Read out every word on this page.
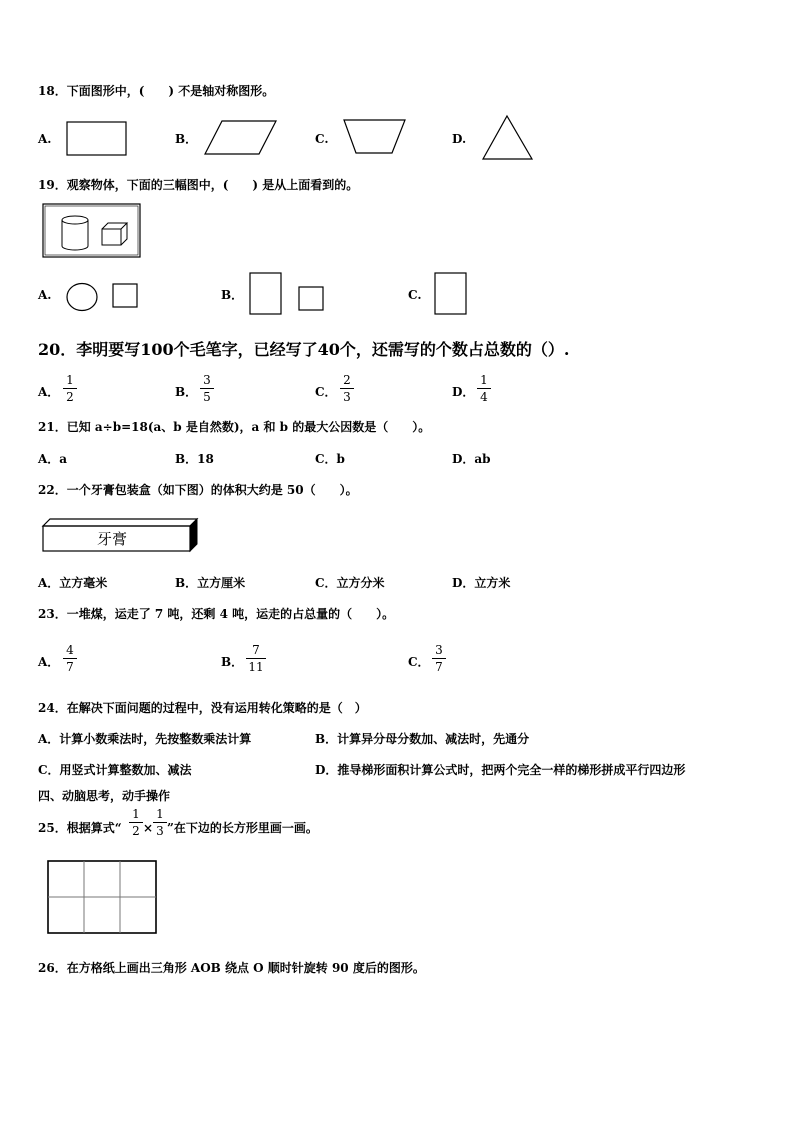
18．下面图形中，(　　) 不是轴对称图形。
A.	B．	C.	D.
19．观察物体，下面的三幅图中，(　　) 是从上面看到的。
A.	B．	C.
20．李明要写100个毛笔字，已经写了40个，还需写的个数占总数的（）.
A．
1
2	B．
3
5	C．
2
3	D．
1
4
21．已知 a÷b=18(a、b 是自然数)，a 和 b 的最大公因数是（　　）。
A．a	B．18	C．b	D．ab
22．一个牙膏包装盒（如下图）的体积大约是 50（　　）。
牙膏
A．立方毫米	B．立方厘米	C．立方分米	D．立方米
23．一堆煤，运走了 7 吨，还剩 4 吨，运走的占总量的（　　）。
A．
4
7	B．
7
11	C．
3
7
24．在解决下面问题的过程中，没有运用转化策略的是（　）
A．计算小数乘法时，先按整数乘法计算	B．计算异分母分数加、减法时，先通分
C．用竖式计算整数加、减法	D．推导梯形面积计算公式时，把两个完全一样的梯形拼成平行四边形
四、动脑思考，动手操作
25．根据算式“
1
2 ×
1
3 ”在下边的长方形里画一画。
26．在方格纸上画出三角形 AOB 绕点 O 顺时针旋转 90 度后的图形。
